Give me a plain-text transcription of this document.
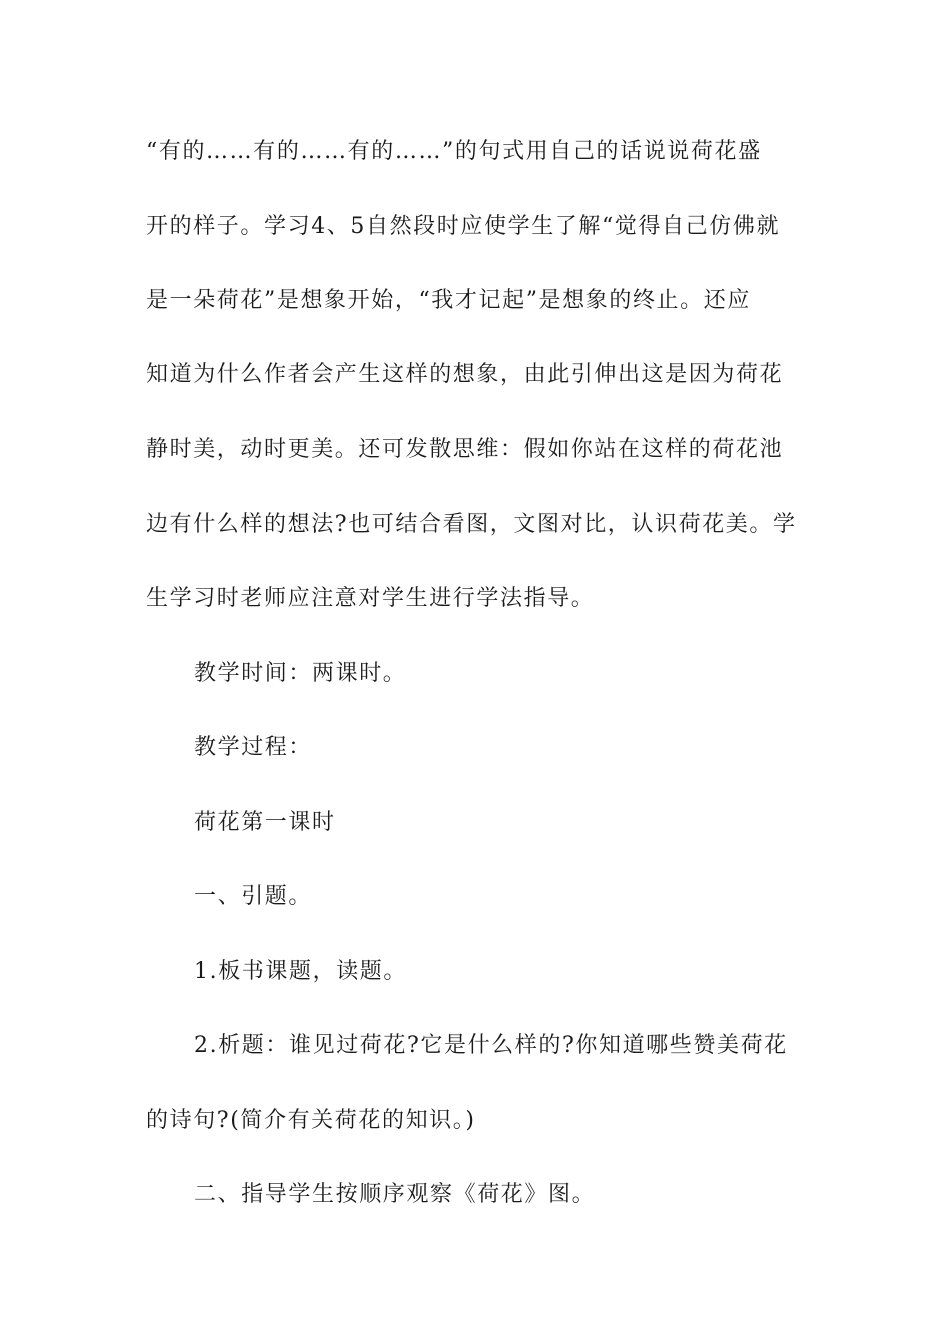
“有的……有的……有的……”的句式用自己的话说说荷花盛
开的样子。学习4、5自然段时应使学生了解“觉得自己仿佛就
是一朵荷花”是想象开始，“我才记起”是想象的终止。还应
知道为什么作者会产生这样的想象，由此引伸出这是因为荷花
静时美，动时更美。还可发散思维：假如你站在这样的荷花池
边有什么样的想法?也可结合看图，文图对比，认识荷花美。学
生学习时老师应注意对学生进行学法指导。
教学时间：两课时。
教学过程：
荷花第一课时
一、引题。
1.板书课题，读题。
2.析题：谁见过荷花?它是什么样的?你知道哪些赞美荷花
的诗句?(简介有关荷花的知识。)
二、指导学生按顺序观察《荷花》图。
